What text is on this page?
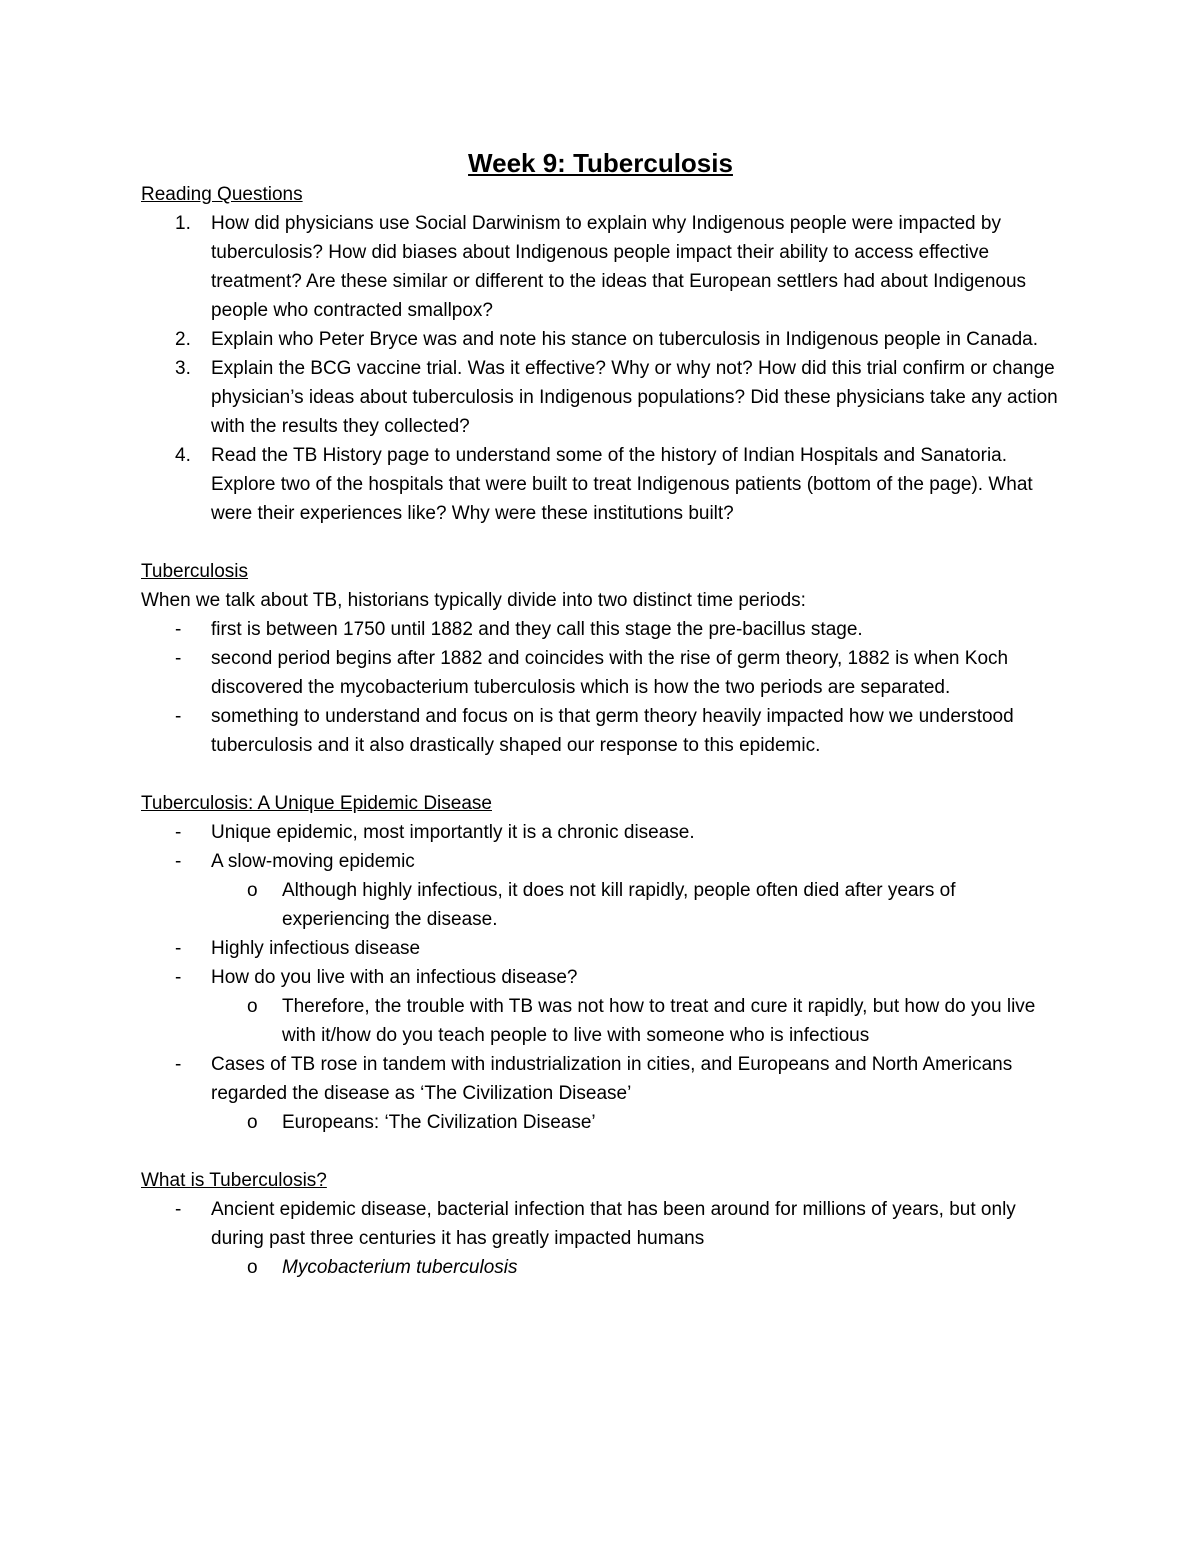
Week 9: Tuberculosis
Reading Questions
1. How did physicians use Social Darwinism to explain why Indigenous people were impacted by tuberculosis? How did biases about Indigenous people impact their ability to access effective treatment? Are these similar or different to the ideas that European settlers had about Indigenous people who contracted smallpox?
2. Explain who Peter Bryce was and note his stance on tuberculosis in Indigenous people in Canada.
3. Explain the BCG vaccine trial. Was it effective? Why or why not? How did this trial confirm or change physician’s ideas about tuberculosis in Indigenous populations? Did these physicians take any action with the results they collected?
4. Read the TB History page to understand some of the history of Indian Hospitals and Sanatoria. Explore two of the hospitals that were built to treat Indigenous patients (bottom of the page). What were their experiences like? Why were these institutions built?
Tuberculosis
When we talk about TB, historians typically divide into two distinct time periods:
- first is between 1750 until 1882 and they call this stage the pre-bacillus stage.
- second period begins after 1882 and coincides with the rise of germ theory, 1882 is when Koch discovered the mycobacterium tuberculosis which is how the two periods are separated.
- something to understand and focus on is that germ theory heavily impacted how we understood tuberculosis and it also drastically shaped our response to this epidemic.
Tuberculosis: A Unique Epidemic Disease
- Unique epidemic, most importantly it is a chronic disease.
- A slow-moving epidemic
o Although highly infectious, it does not kill rapidly, people often died after years of experiencing the disease.
- Highly infectious disease
- How do you live with an infectious disease?
o Therefore, the trouble with TB was not how to treat and cure it rapidly, but how do you live with it/how do you teach people to live with someone who is infectious
- Cases of TB rose in tandem with industrialization in cities, and Europeans and North Americans regarded the disease as ‘The Civilization Disease’
o Europeans: ‘The Civilization Disease’
What is Tuberculosis?
- Ancient epidemic disease, bacterial infection that has been around for millions of years, but only during past three centuries it has greatly impacted humans
o Mycobacterium tuberculosis
